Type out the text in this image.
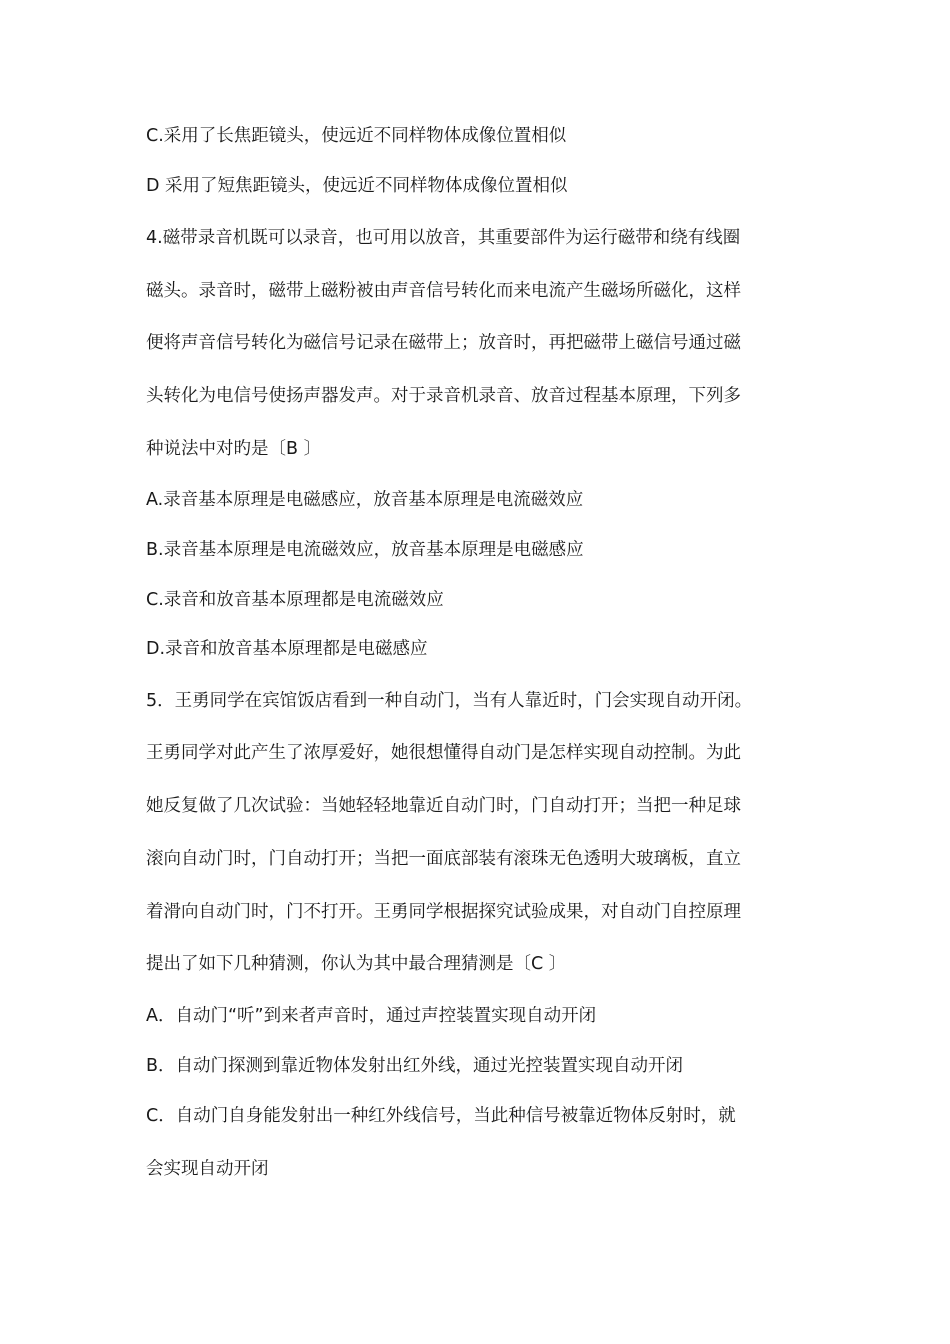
C.采用了长焦距镜头，使远近不同样物体成像位置相似
D 采用了短焦距镜头，使远近不同样物体成像位置相似
4.磁带录音机既可以录音，也可用以放音，其重要部件为运行磁带和绕有线圈
磁头。录音时，磁带上磁粉被由声音信号转化而来电流产生磁场所磁化，这样
便将声音信号转化为磁信号记录在磁带上；放音时，再把磁带上磁信号通过磁
头转化为电信号使扬声器发声。对于录音机录音、放音过程基本原理，下列多
种说法中对旳是〔B 〕
A.录音基本原理是电磁感应，放音基本原理是电流磁效应
B.录音基本原理是电流磁效应，放音基本原理是电磁感应
C.录音和放音基本原理都是电流磁效应
D.录音和放音基本原理都是电磁感应
5．王勇同学在宾馆饭店看到一种自动门，当有人靠近时，门会实现自动开闭。
王勇同学对此产生了浓厚爱好，她很想懂得自动门是怎样实现自动控制。为此
她反复做了几次试验：当她轻轻地靠近自动门时，门自动打开；当把一种足球
滚向自动门时，门自动打开；当把一面底部装有滚珠无色透明大玻璃板，直立
着滑向自动门时，门不打开。王勇同学根据探究试验成果，对自动门自控原理
提出了如下几种猜测，你认为其中最合理猜测是〔C 〕
A．自动门“听”到来者声音时，通过声控装置实现自动开闭
B．自动门探测到靠近物体发射出红外线，通过光控装置实现自动开闭
C．自动门自身能发射出一种红外线信号，当此种信号被靠近物体反射时，就
会实现自动开闭
